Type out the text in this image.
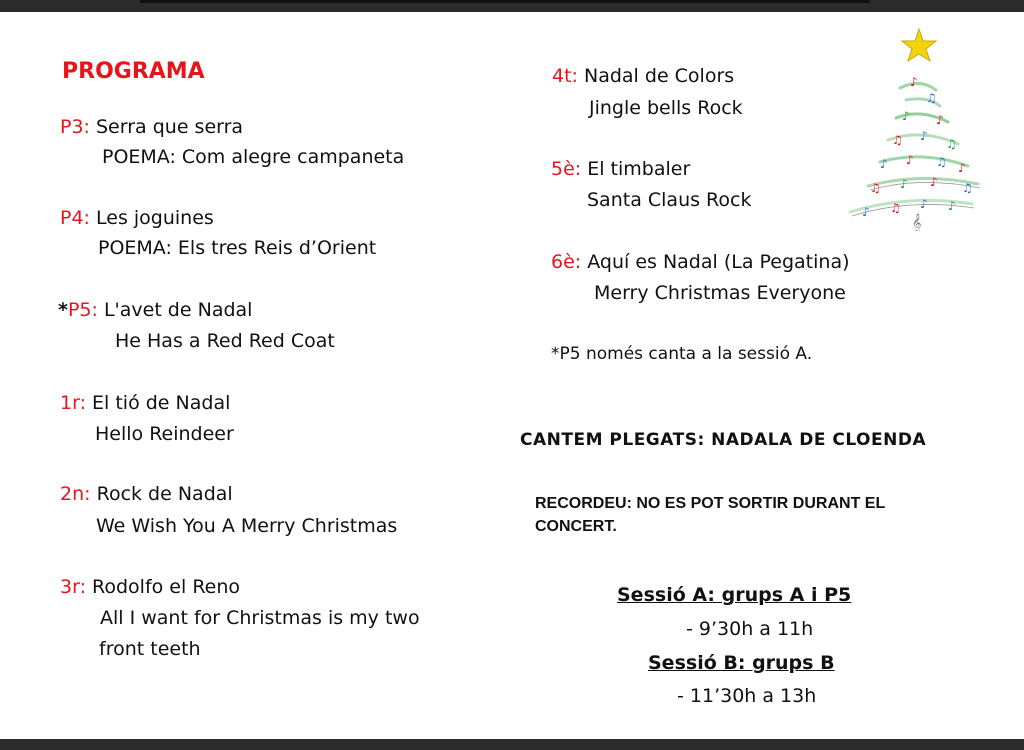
PROGRAMA
P3: Serra que serra
POEMA: Com alegre campaneta
P4: Les joguines
POEMA: Els tres Reis d’Orient
*P5: L'avet de Nadal
He Has a Red Red Coat
1r: El tió de Nadal
Hello Reindeer
2n: Rock de Nadal
We Wish You A Merry Christmas
3r: Rodolfo el Reno
All I want for Christmas is my two
front teeth
4t: Nadal de Colors
Jingle bells Rock
5è: El timbaler
Santa Claus Rock
6è: Aquí es Nadal (La Pegatina)
Merry Christmas Everyone
*P5 només canta a la sessió A.
CANTEM PLEGATS: NADALA DE CLOENDA
RECORDEU: NO ES POT SORTIR DURANT EL
CONCERT.
Sessió A: grups A i P5
- 9’30h a 11h
Sessió B: grups B
- 11’30h a 13h
♪
♫
♪ ♪
♫ ♪
♫
♪ ♪ ♫ ♪
♫ ♪ ♪ ♫
♪ ♫ ♪ ♪
𝄞
